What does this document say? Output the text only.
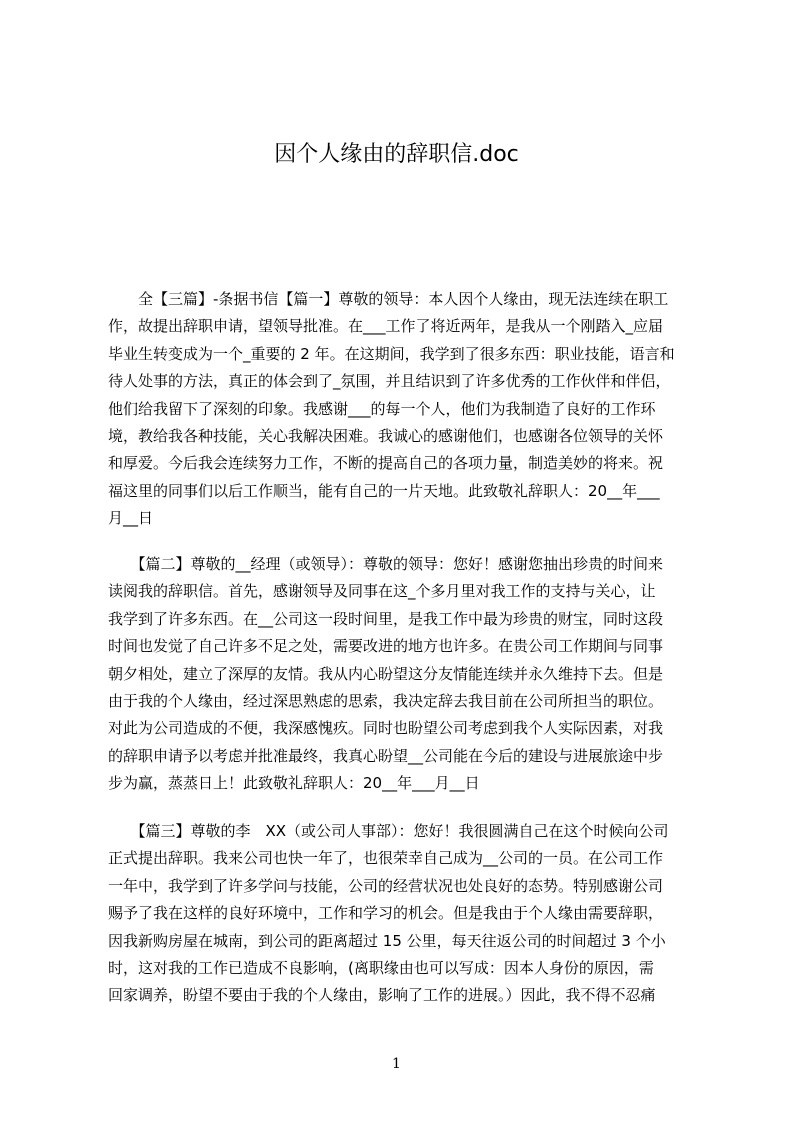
因个人缘由的辞职信.doc
　　全【三篇】-条据书信【篇一】尊敬的领导：本人因个人缘由，现无法连续在职工
作，故提出辞职申请，望领导批准。在___工作了将近两年，是我从一个刚踏入_应届
毕业生转变成为一个_重要的 2 年。在这期间，我学到了很多东西：职业技能，语言和
待人处事的方法，真正的体会到了_氛围，并且结识到了许多优秀的工作伙伴和伴侣，
他们给我留下了深刻的印象。我感谢___的每一个人，他们为我制造了良好的工作环
境，教给我各种技能，关心我解决困难。我诚心的感谢他们，也感谢各位领导的关怀
和厚爱。今后我会连续努力工作，不断的提高自己的各项力量，制造美妙的将来。祝
福这里的同事们以后工作顺当，能有自己的一片天地。此致敬礼辞职人：20__年___
月__日
　　【篇二】尊敬的__经理（或领导）：尊敬的领导：您好！感谢您抽出珍贵的时间来
读阅我的辞职信。首先，感谢领导及同事在这_个多月里对我工作的支持与关心，让
我学到了许多东西。在__公司这一段时间里，是我工作中最为珍贵的财宝，同时这段
时间也发觉了自己许多不足之处，需要改进的地方也许多。在贵公司工作期间与同事
朝夕相处，建立了深厚的友情。我从内心盼望这分友情能连续并永久维持下去。但是
由于我的个人缘由，经过深思熟虑的思索，我决定辞去我目前在公司所担当的职位。
对此为公司造成的不便，我深感愧疚。同时也盼望公司考虑到我个人实际因素，对我
的辞职申请予以考虑并批准最终，我真心盼望__公司能在今后的建设与进展旅途中步
步为赢，蒸蒸日上！此致敬礼辞职人：20__年___月__日
　　【篇三】尊敬的李　XX（或公司人事部）：您好！我很圆满自己在这个时候向公司
正式提出辞职。我来公司也快一年了，也很荣幸自己成为__公司的一员。在公司工作
一年中，我学到了许多学问与技能，公司的经营状况也处良好的态势。特别感谢公司
赐予了我在这样的良好环境中，工作和学习的机会。但是我由于个人缘由需要辞职，
因我新购房屋在城南，到公司的距离超过 15 公里，每天往返公司的时间超过 3 个小
时，这对我的工作已造成不良影响，(离职缘由也可以写成：因本人身份的原因，需
回家调养，盼望不要由于我的个人缘由，影响了工作的进展。）因此，我不得不忍痛
1
